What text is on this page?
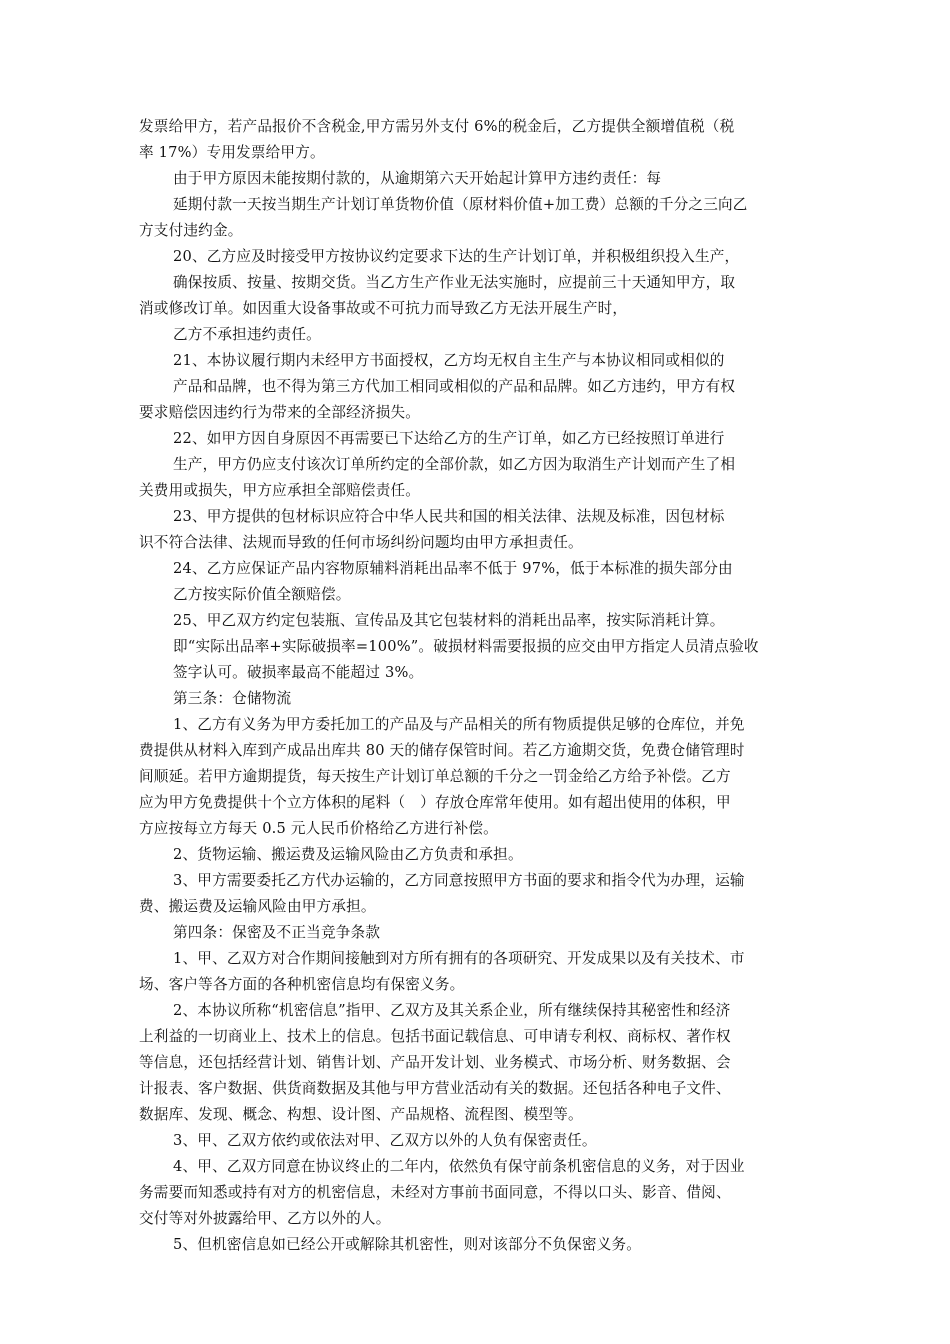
发票给甲方，若产品报价不含税金,甲方需另外支付 6%的税金后，乙方提供全额增值税（税
率 17%）专用发票给甲方。
由于甲方原因未能按期付款的，从逾期第六天开始起计算甲方违约责任：每
延期付款一天按当期生产计划订单货物价值（原材料价值+加工费）总额的千分之三向乙
方支付违约金。
20、乙方应及时接受甲方按协议约定要求下达的生产计划订单，并积极组织投入生产，
确保按质、按量、按期交货。当乙方生产作业无法实施时，应提前三十天通知甲方，取
消或修改订单。如因重大设备事故或不可抗力而导致乙方无法开展生产时，
乙方不承担违约责任。
21、本协议履行期内未经甲方书面授权，乙方均无权自主生产与本协议相同或相似的
产品和品牌，也不得为第三方代加工相同或相似的产品和品牌。如乙方违约，甲方有权
要求赔偿因违约行为带来的全部经济损失。
22、如甲方因自身原因不再需要已下达给乙方的生产订单，如乙方已经按照订单进行
生产，甲方仍应支付该次订单所约定的全部价款，如乙方因为取消生产计划而产生了相
关费用或损失，甲方应承担全部赔偿责任。
23、甲方提供的包材标识应符合中华人民共和国的相关法律、法规及标准，因包材标
识不符合法律、法规而导致的任何市场纠纷问题均由甲方承担责任。
24、乙方应保证产品内容物原辅料消耗出品率不低于 97%，低于本标准的损失部分由
乙方按实际价值全额赔偿。
25、甲乙双方约定包装瓶、宣传品及其它包装材料的消耗出品率，按实际消耗计算。
即“实际出品率+实际破损率=100%”。破损材料需要报损的应交由甲方指定人员清点验收
签字认可。破损率最高不能超过 3%。
第三条：仓储物流
1、乙方有义务为甲方委托加工的产品及与产品相关的所有物质提供足够的仓库位，并免
费提供从材料入库到产成品出库共 80 天的储存保管时间。若乙方逾期交货，免费仓储管理时
间顺延。若甲方逾期提货，每天按生产计划订单总额的千分之一罚金给乙方给予补偿。乙方
应为甲方免费提供十个立方体积的尾料（　）存放仓库常年使用。如有超出使用的体积，甲
方应按每立方每天 0.5 元人民币价格给乙方进行补偿。
2、货物运输、搬运费及运输风险由乙方负责和承担。
3、甲方需要委托乙方代办运输的，乙方同意按照甲方书面的要求和指令代为办理，运输
费、搬运费及运输风险由甲方承担。
第四条：保密及不正当竞争条款
1、甲、乙双方对合作期间接触到对方所有拥有的各项研究、开发成果以及有关技术、市
场、客户等各方面的各种机密信息均有保密义务。
2、本协议所称“机密信息”指甲、乙双方及其关系企业，所有继续保持其秘密性和经济
上利益的一切商业上、技术上的信息。包括书面记载信息、可申请专利权、商标权、著作权
等信息，还包括经营计划、销售计划、产品开发计划、业务模式、市场分析、财务数据、会
计报表、客户数据、供货商数据及其他与甲方营业活动有关的数据。还包括各种电子文件、
数据库、发现、概念、构想、设计图、产品规格、流程图、模型等。
3、甲、乙双方依约或依法对甲、乙双方以外的人负有保密责任。
4、甲、乙双方同意在协议终止的二年内，依然负有保守前条机密信息的义务，对于因业
务需要而知悉或持有对方的机密信息，未经对方事前书面同意，不得以口头、影音、借阅、
交付等对外披露给甲、乙方以外的人。
5、但机密信息如已经公开或解除其机密性，则对该部分不负保密义务。
